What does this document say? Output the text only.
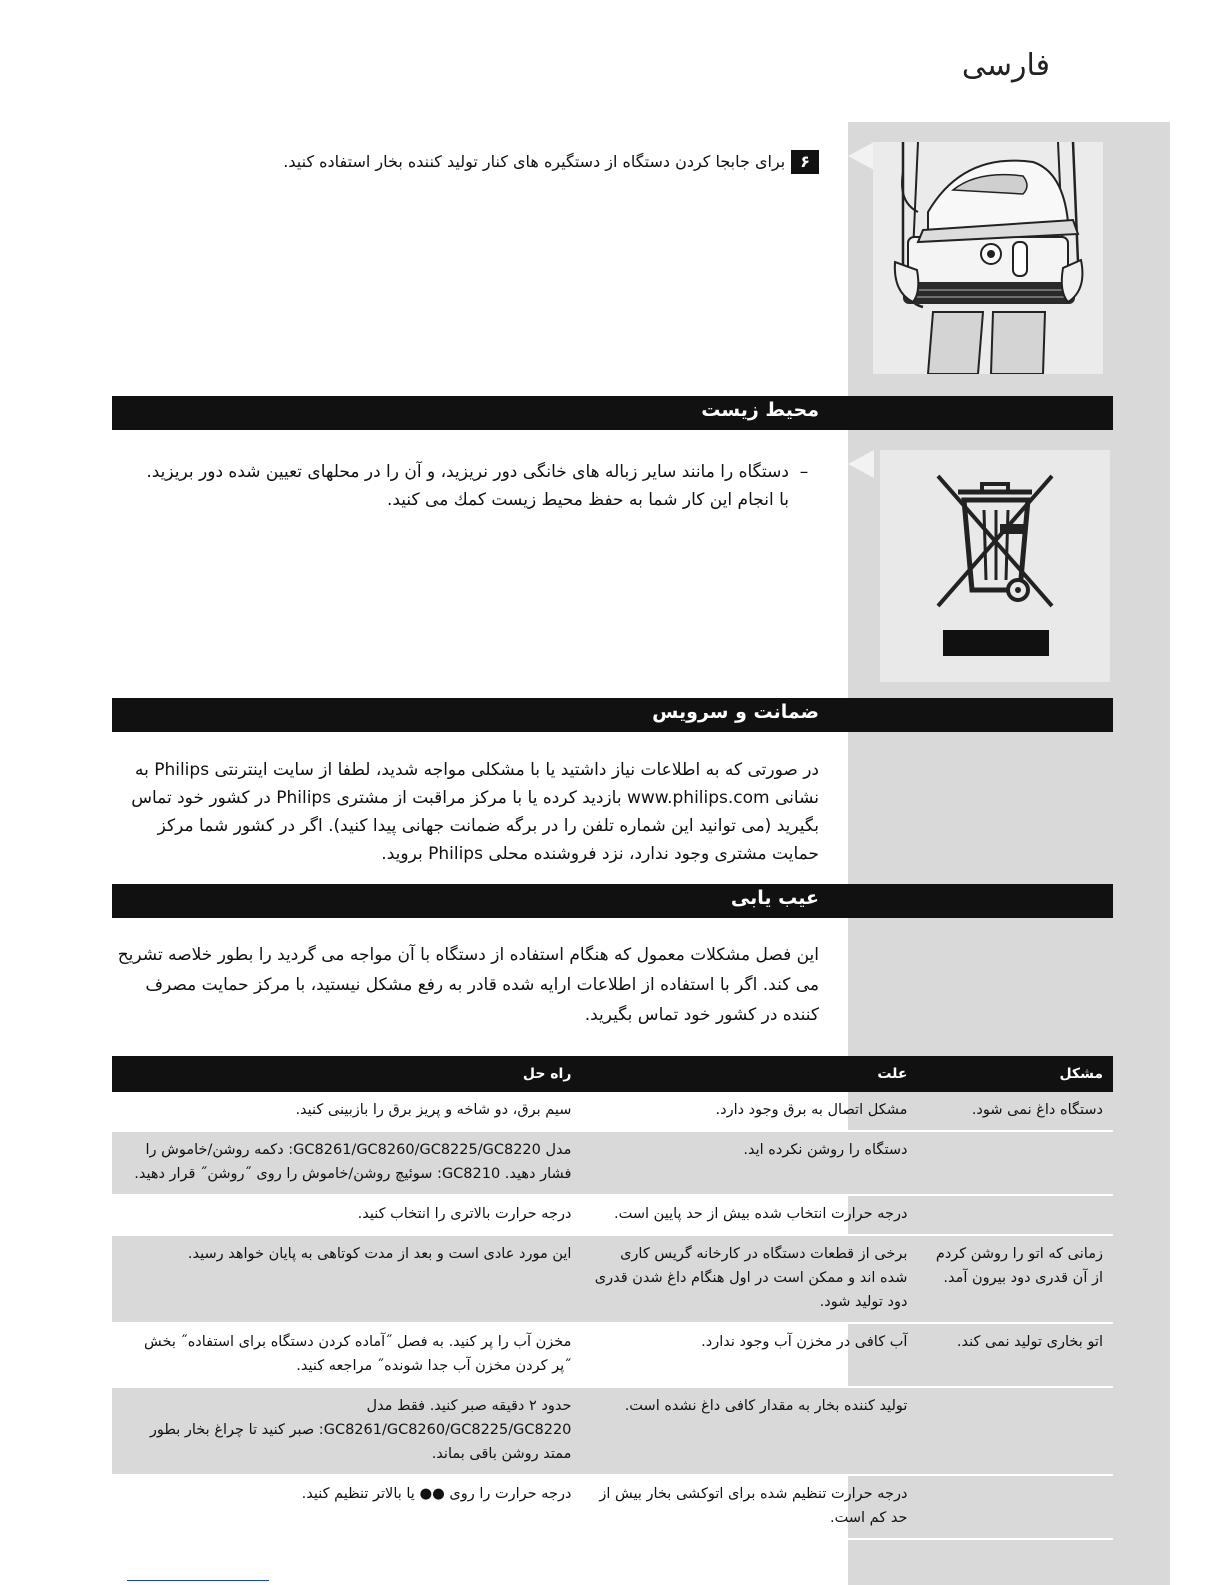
فارسی
۶برای جابجا کردن دستگاه از دستگیره های کنار تولید کننده بخار استفاده کنید.
محیط زیست
–دستگاه را مانند سایر زباله های خانگی دور نریزید، و آن را در محلهای تعیین شده دور بریزید.
با انجام این کار شما به حفظ محیط زیست كمك می كنید.
ضمانت و سرویس
در صورتی که به اطلاعات نیاز داشتید یا با مشکلی مواجه شدید، لطفا از سایت اینترنتی Philips به نشانی www.philips.com بازدید کرده یا با مرکز مراقبت از مشتری Philips در کشور خود تماس بگیرید (می توانید این شماره تلفن را در برگه ضمانت جهانی پیدا کنید). اگر در کشور شما مرکز حمایت مشتری وجود ندارد، نزد فروشنده محلی Philips بروید.
عیب یابی
این فصل مشکلات معمول که هنگام استفاده از دستگاه با آن مواجه می گردید را بطور خلاصه تشریح می كند. اگر با استفاده از اطلاعات ارایه شده قادر به رفع مشكل نیستید، با مركز حمایت مصرف كننده در كشور خود تماس بگیرید.
مشکل	علت	راه حل
دستگاه داغ نمی شود.	مشکل اتصال به برق وجود دارد.	سیم برق، دو شاخه و پریز برق را بازبینی کنید.
	دستگاه را روشن نکرده اید.	مدل GC8261/GC8260/GC8225/GC8220: دکمه روشن/خاموش را فشار دهید. GC8210: سوئیچ روشن/خاموش را روی ˝روشن˝ قرار دهید.
	درجه حرارت انتخاب شده بیش از حد پایین است.	درجه حرارت بالاتری را انتخاب کنید.
زمانی که اتو را روشن کردم از آن قدری دود بیرون آمد.	برخی از قطعات دستگاه در کارخانه گریس کاری شده اند و ممکن است در اول هنگام داغ شدن قدری دود تولید شود.	این مورد عادی است و بعد از مدت کوتاهی به پایان خواهد رسید.
اتو بخاری تولید نمی کند.	آب کافی در مخزن آب وجود ندارد.	مخزن آب را پر کنید. به فصل ˝آماده کردن دستگاه برای استفاده˝ بخش ˝پر کردن مخزن آب جدا شونده˝ مراجعه کنید.
	تولید کننده بخار به مقدار کافی داغ نشده است.	حدود ۲ دقیقه صبر کنید. فقط مدل GC8261/GC8260/GC8225/GC8220: صبر کنید تا چراغ بخار بطور ممتد روشن باقی بماند.
	درجه حرارت تنظیم شده برای اتوکشی بخار بیش از حد کم است.	درجه حرارت را روی ●● یا بالاتر تنظیم کنید.
